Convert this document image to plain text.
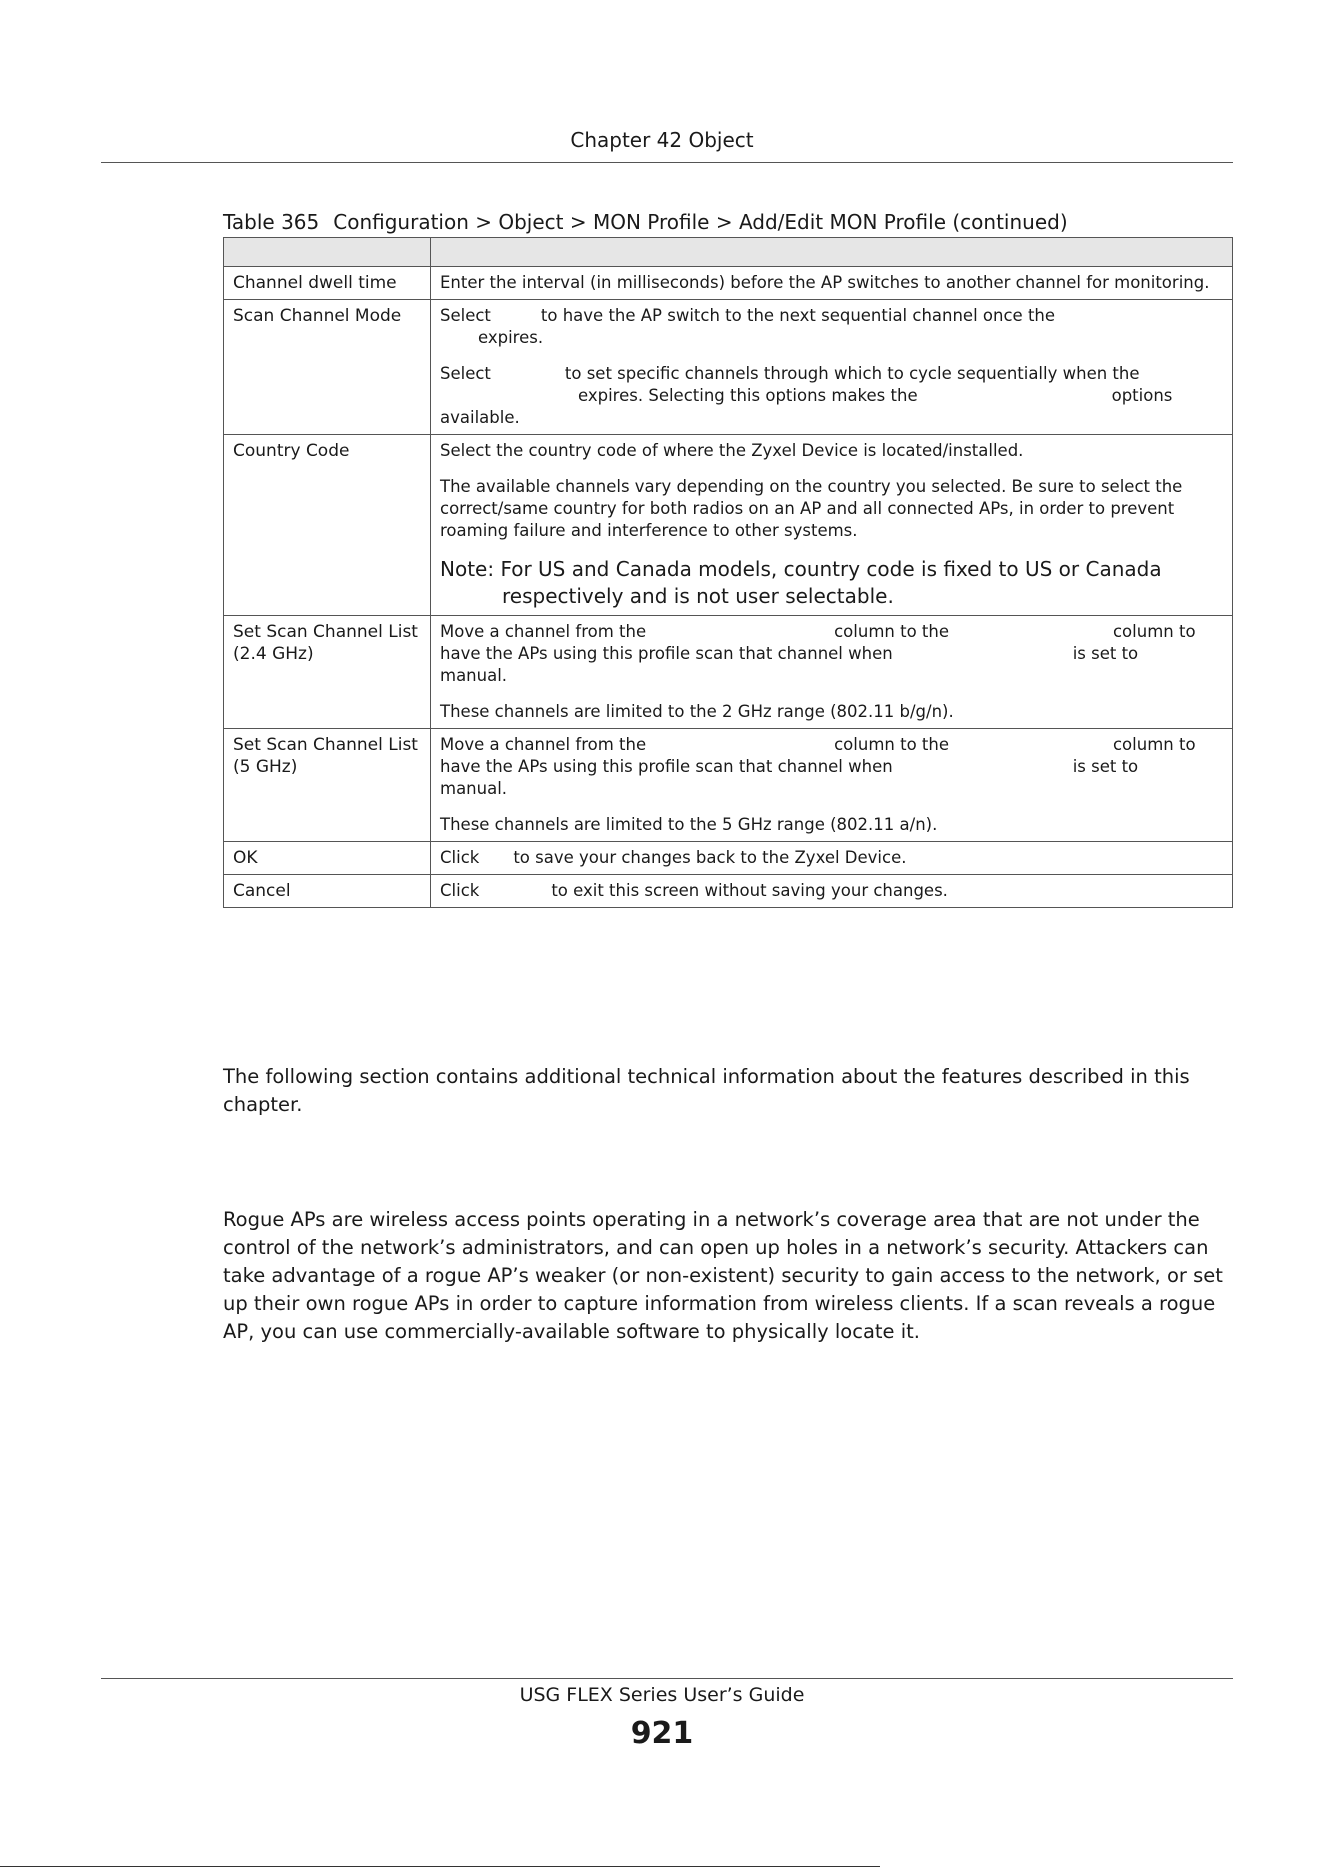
Chapter 42 Object
Table 365 Configuration > Object > MON Profile > Add/Edit MON Profile (continued)

Channel dwell time	Enter the interval (in milliseconds) before the AP switches to another channel for monitoring.

Scan Channel Mode	Select to have the AP switch to the next sequential channel once the
expires.

Select to set specific channels through which to cycle sequentially when the
expires. Selecting this options makes the options
available.

Country Code	Select the country code of where the Zyxel Device is located/installed.

The available channels vary depending on the country you selected. Be sure to select the correct/same country for both radios on an AP and all connected APs, in order to prevent roaming failure and interference to other systems.

Note: For US and Canada models, country code is fixed to US or Canada respectively and is not user selectable.

Set Scan Channel List (2.4 GHz)	Move a channel from the column to the column to have the APs using this profile scan that channel when is set to
manual.

These channels are limited to the 2 GHz range (802.11 b/g/n).

Set Scan Channel List (5 GHz)	Move a channel from the column to the column to have the APs using this profile scan that channel when is set to
manual.

These channels are limited to the 5 GHz range (802.11 a/n).

OK	Click to save your changes back to the Zyxel Device.

Cancel	Click to exit this screen without saving your changes.

The following section contains additional technical information about the features described in this chapter.
Rogue APs are wireless access points operating in a network’s coverage area that are not under the control of the network’s administrators, and can open up holes in a network’s security. Attackers can take advantage of a rogue AP’s weaker (or non-existent) security to gain access to the network, or set up their own rogue APs in order to capture information from wireless clients. If a scan reveals a rogue AP, you can use commercially-available software to physically locate it.
USG FLEX Series User’s Guide
921
